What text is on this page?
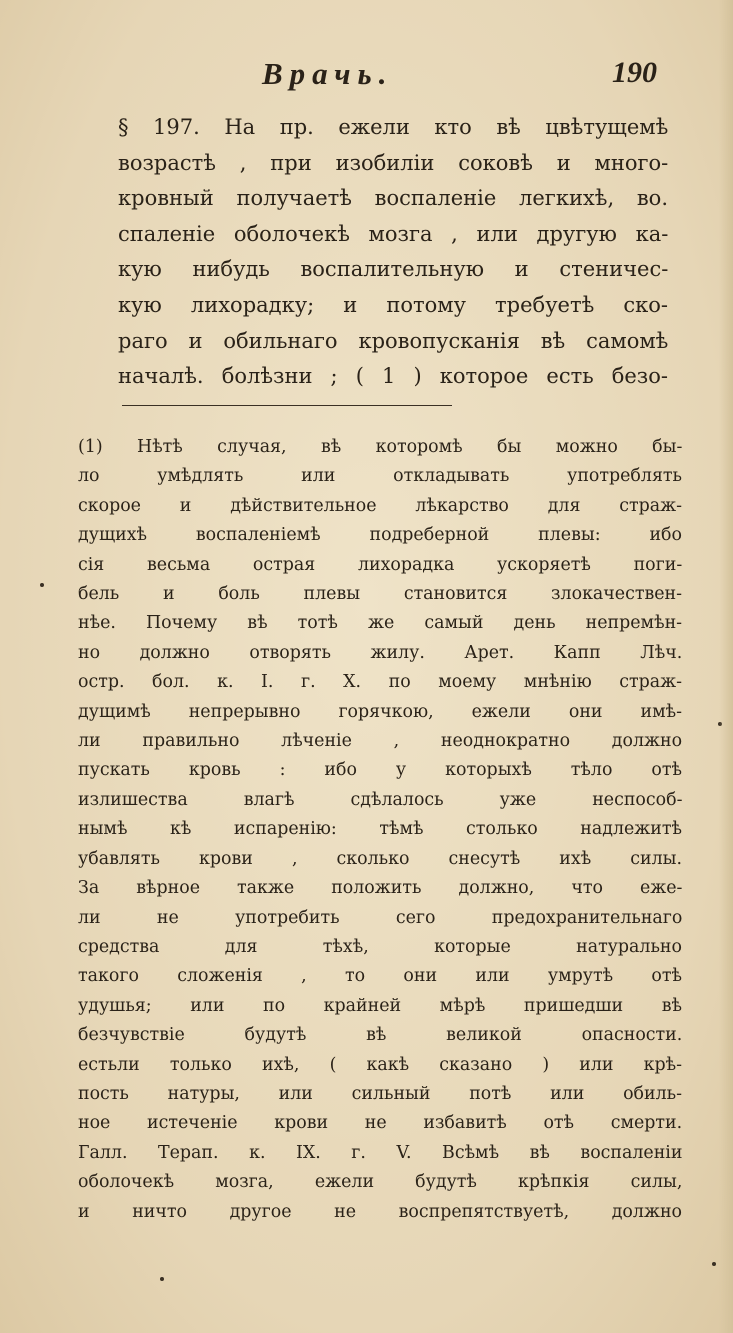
Врачь.	190
§ 197. На пр. ежели кто вѣ цвѣтущемѣ
возрастѣ , при изобиліи соковѣ и много-
кровный получаетѣ воспаленіе легкихѣ, во.
спаленіе оболочекѣ мозга , или другую ка-
кую нибудь воспалительную и стеничес-
кую лихорадку; и потому требуетѣ ско-
раго и обильнаго кровопусканія вѣ самомѣ
началѣ. болѣзни ; ( 1 ) которое есть безо-
(1) Нѣтѣ случая, вѣ которомѣ бы можно бы-
ло умѣдлять или откладывать употреблять
скорое и дѣйствительное лѣкарство для страж-
дущихѣ воспаленіемѣ подреберной плевы: ибо
сія весьма острая лихорадка ускоряетѣ поги-
бель и боль плевы становится злокачествен-
нѣе. Почему вѣ тотѣ же самый день непремѣн-
но должно отворять жилу. Арет. Капп Лѣч.
остр. бол. к. I. г. X. по моему мнѣнію страж-
дущимѣ непрерывно горячкою, ежели они имѣ-
ли правильно лѣченіе , неоднократно должно
пускать кровь : ибо у которыхѣ тѣло отѣ
излишества влагѣ сдѣлалось уже неспособ-
нымѣ кѣ испаренію: тѣмѣ столько надлежитѣ
убавлять крови , сколько снесутѣ ихѣ силы.
За вѣрное также положить должно, что еже-
ли не употребить сего предохранительнаго
средства для тѣхѣ, которые натурально
такого сложенія , то они или умрутѣ отѣ
удушья; или по крайней мѣрѣ пришедши вѣ
безчувствіе будутѣ вѣ великой опасности.
естьли только ихѣ, ( какѣ сказано ) или крѣ-
пость натуры, или сильный потѣ или обиль-
ное истеченіе крови не избавитѣ отѣ смерти.
Галл. Терап. к. IX. г. V. Всѣмѣ вѣ воспаленіи
оболочекѣ мозга, ежели будутѣ крѣпкія силы,
и ничто другое не воспрепятствуетѣ, должно
